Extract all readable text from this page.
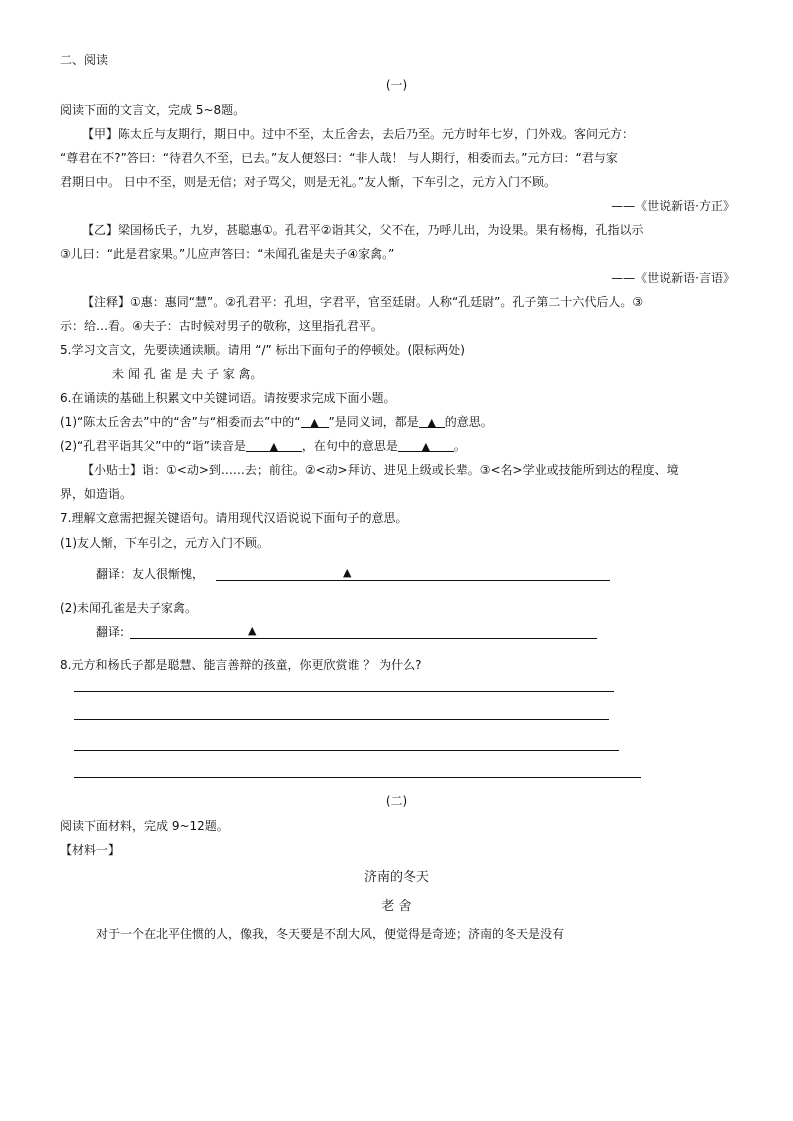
二、阅读
(一)
阅读下面的文言文，完成 5~8题。
【甲】陈太丘与友期行，期日中。过中不至，太丘舍去，去后乃至。元方时年七岁，门外戏。客问元方：
“尊君在不?”答曰：“待君久不至，已去。”友人便怒曰：“非人哉！ 与人期行，相委而去。”元方曰：“君与家
君期日中。 日中不至，则是无信；对子骂父，则是无礼。”友人惭，下车引之，元方入门不顾。
——《世说新语·方正》
【乙】梁国杨氏子，九岁，甚聪惠①。孔君平②诣其父，父不在，乃呼儿出，为设果。果有杨梅，孔指以示
③儿曰：“此是君家果。”儿应声答曰：“未闻孔雀是夫子④家禽。”
——《世说新语·言语》
【注释】①惠：惠同“慧”。②孔君平：孔坦，字君平，官至廷尉。人称“孔廷尉”。孔子第二十六代后人。③
示：给…看。④夫子：古时候对男子的敬称，这里指孔君平。
5.学习文言文，先要读通读顺。请用 “/” 标出下面句子的停顿处。(限标两处)
未 闻 孔 雀 是 夫 子 家 禽。
6.在诵读的基础上积累文中关键词语。请按要求完成下面小题。
(1)“陈太丘舍去”中的“舍”与“相委而去”中的“ ▲ ”是同义词，都是 ▲ 的意思。
(2)“孔君平诣其父”中的“诣”读音是 ▲ ，在句中的意思是 ▲ 。
【小贴士】诣：①<动>到……去；前往。②<动>拜访、进见上级或长辈。③<名>学业或技能所到达的程度、境
界，如造诣。
7.理解文意需把握关键语句。请用现代汉语说说下面句子的意思。
(1)友人惭，下车引之，元方入门不顾。
翻译：友人很惭愧，	▲
(2)未闻孔雀是夫子家禽。
翻译:	▲
8.元方和杨氏子都是聪慧、能言善辩的孩童，你更欣赏谁 ？ 为什么?
(二)
阅读下面材料，完成 9~12题。
【材料一】
济南的冬天
老 舍
对于一个在北平住惯的人，像我，冬天要是不刮大风，便觉得是奇迹；济南的冬天是没有
